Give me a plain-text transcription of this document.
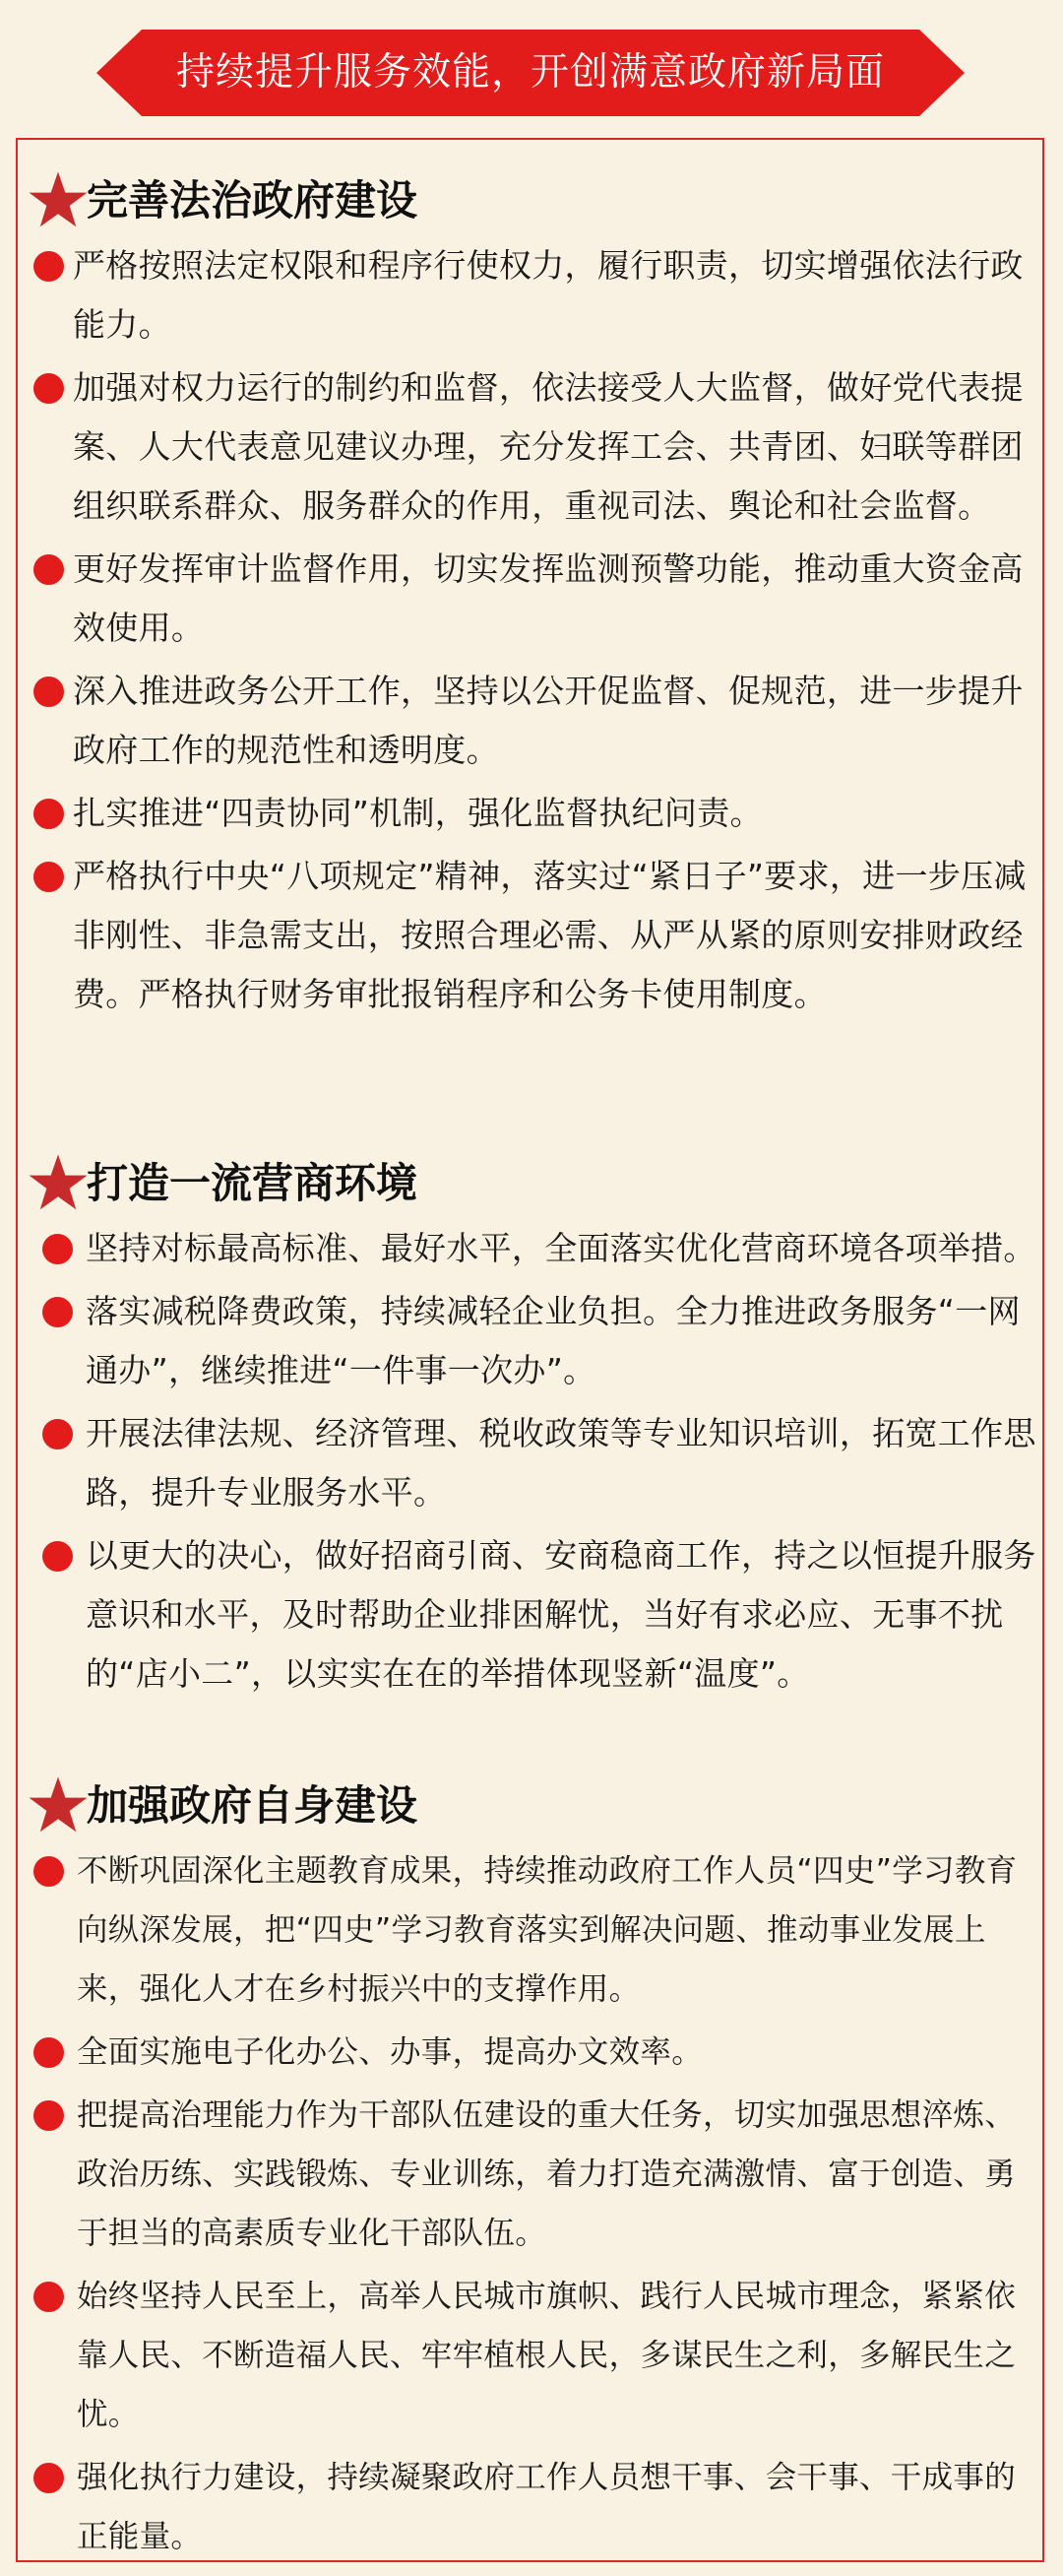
持续提升服务效能，开创满意政府新局面
完善法治政府建设
严格按照法定权限和程序行使权力，履行职责，切实增强依法行政能力。
加强对权力运行的制约和监督，依法接受人大监督，做好党代表提案、人大代表意见建议办理，充分发挥工会、共青团、妇联等群团组织联系群众、服务群众的作用，重视司法、舆论和社会监督。
更好发挥审计监督作用，切实发挥监测预警功能，推动重大资金高效使用。
深入推进政务公开工作，坚持以公开促监督、促规范，进一步提升政府工作的规范性和透明度。
扎实推进“四责协同”机制，强化监督执纪问责。
严格执行中央“八项规定”精神，落实过“紧日子”要求，进一步压减非刚性、非急需支出，按照合理必需、从严从紧的原则安排财政经费。严格执行财务审批报销程序和公务卡使用制度。
打造一流营商环境
坚持对标最高标准、最好水平，全面落实优化营商环境各项举措。
落实减税降费政策，持续减轻企业负担。全力推进政务服务“一网通办”，继续推进“一件事一次办”。
开展法律法规、经济管理、税收政策等专业知识培训，拓宽工作思路，提升专业服务水平。
以更大的决心，做好招商引商、安商稳商工作，持之以恒提升服务意识和水平，及时帮助企业排困解忧，当好有求必应、无事不扰的“店小二”，以实实在在的举措体现竖新“温度”。
加强政府自身建设
不断巩固深化主题教育成果，持续推动政府工作人员“四史”学习教育向纵深发展，把“四史”学习教育落实到解决问题、推动事业发展上来，强化人才在乡村振兴中的支撑作用。
全面实施电子化办公、办事，提高办文效率。
把提高治理能力作为干部队伍建设的重大任务，切实加强思想淬炼、政治历练、实践锻炼、专业训练，着力打造充满激情、富于创造、勇于担当的高素质专业化干部队伍。
始终坚持人民至上，高举人民城市旗帜、践行人民城市理念，紧紧依靠人民、不断造福人民、牢牢植根人民，多谋民生之利，多解民生之忧。
强化执行力建设，持续凝聚政府工作人员想干事、会干事、干成事的正能量。
